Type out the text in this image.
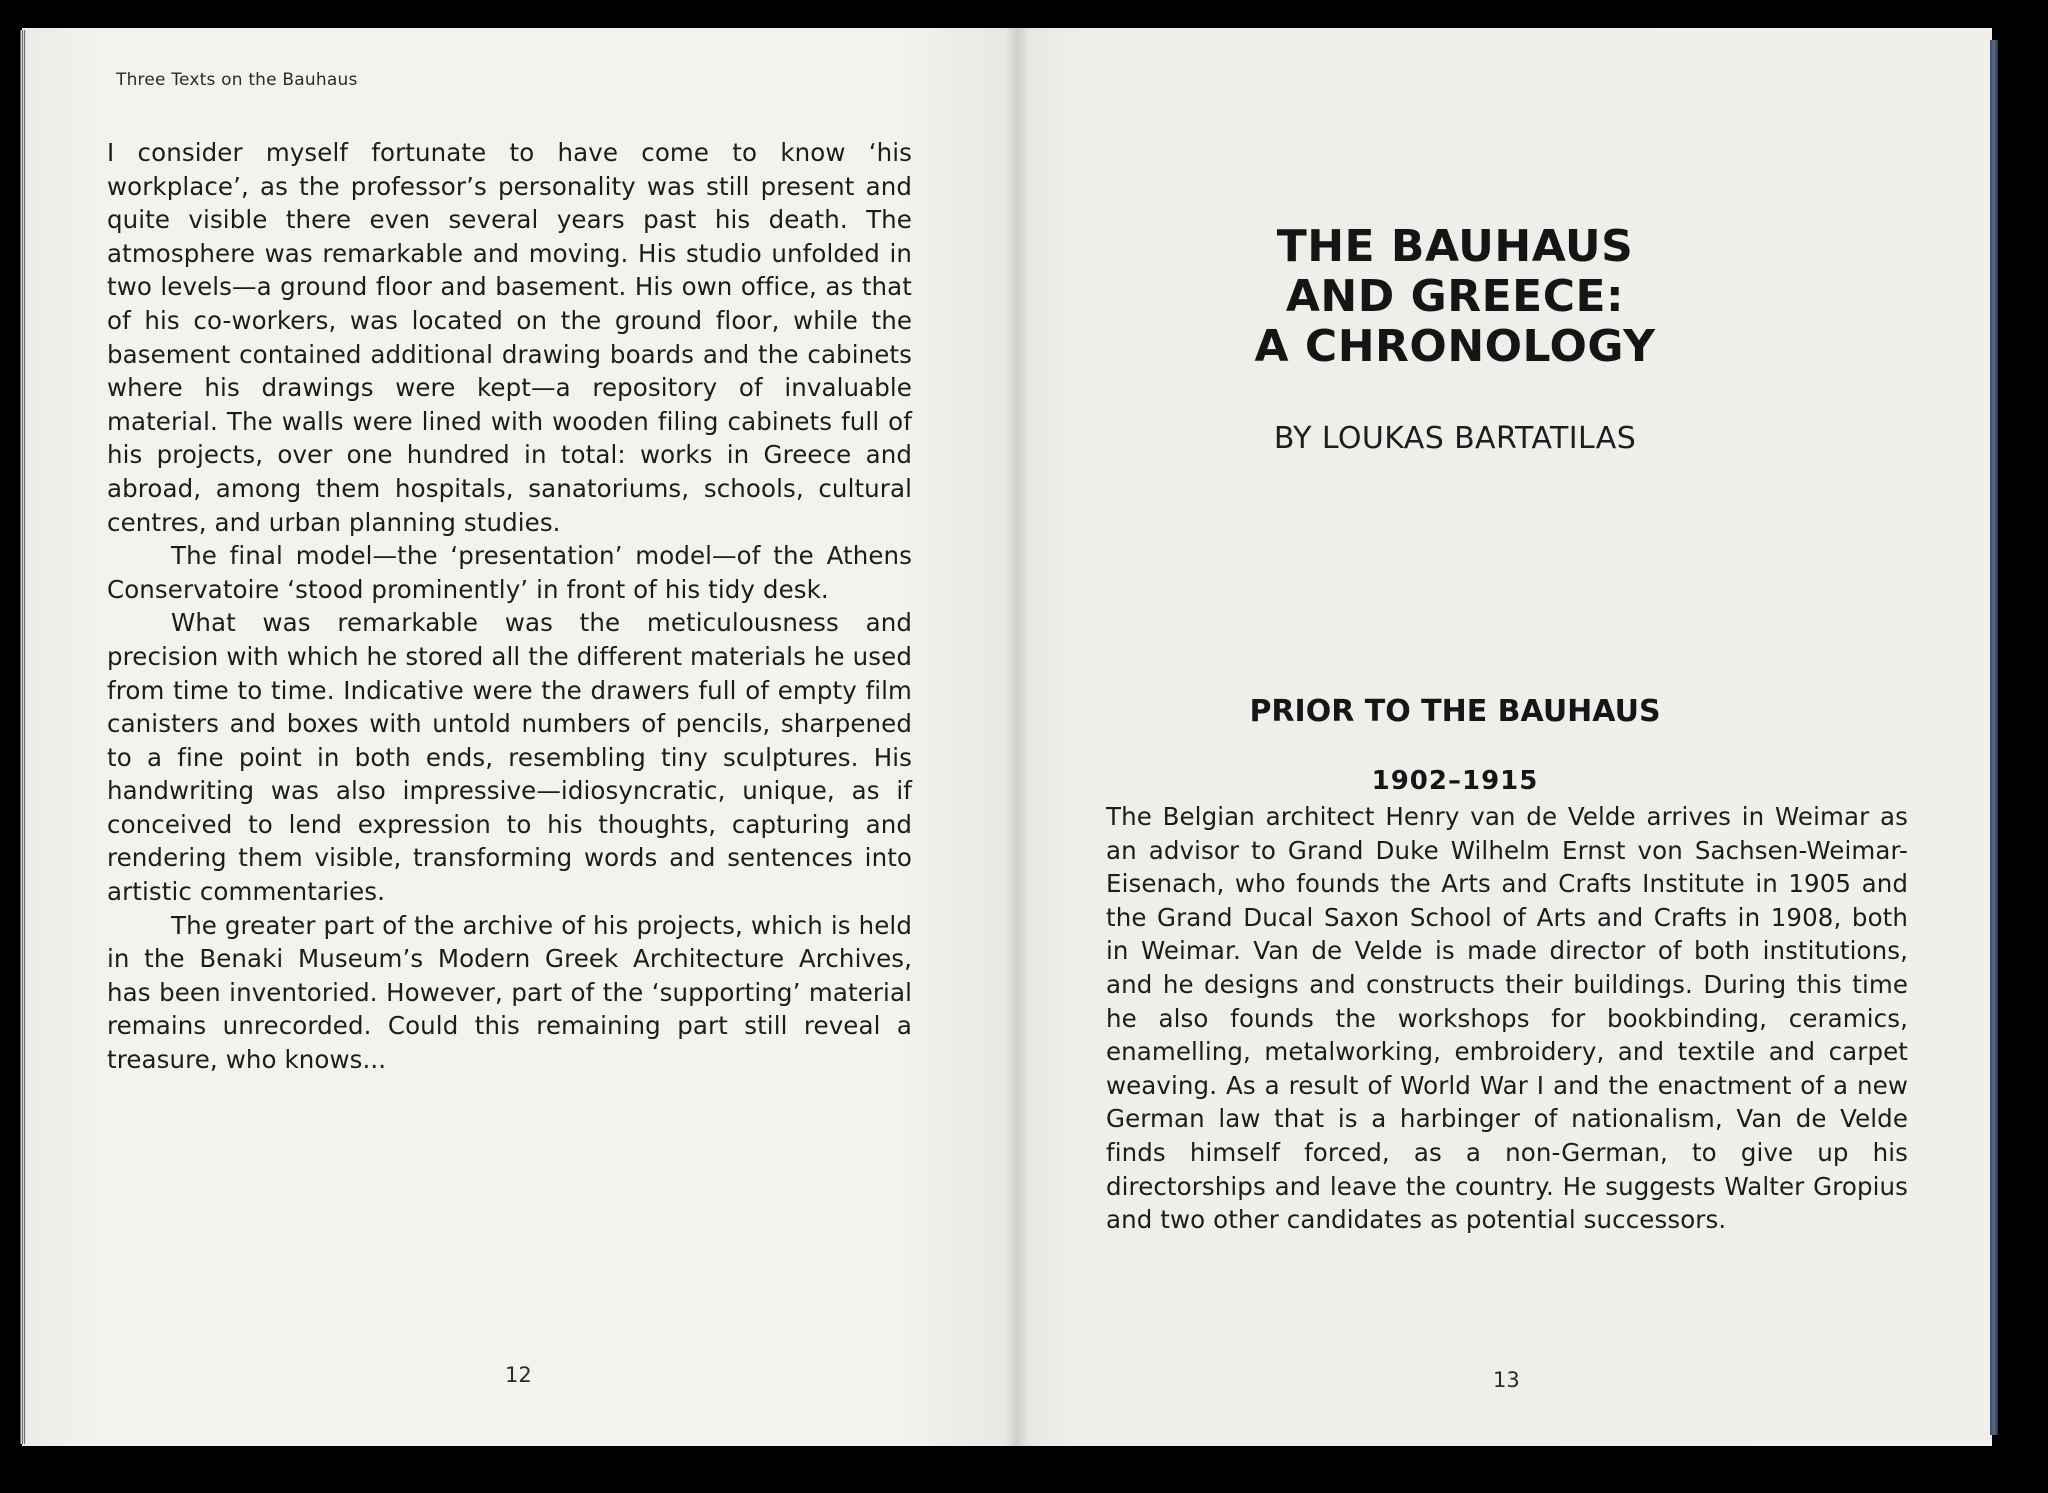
Three Texts on the Bauhaus

I consider myself fortunate to have come to know ‘his workplace’, as the professor’s personality was still present and quite visible there even several years past his death. The atmosphere was remarkable and moving. His studio unfolded in two levels—a ground floor and basement. His own office, as that of his co-workers, was located on the ground floor, while the basement contained additional drawing boards and the cabinets where his drawings were kept—a repository of invaluable material. The walls were lined with wooden filing cabinets full of his projects, over one hundred in total: works in Greece and abroad, among them hospitals, sanatoriums, schools, cultural centres, and urban planning studies.

The final model—the ‘presentation’ model—of the Athens Conservatoire ‘stood prominently’ in front of his tidy desk.

What was remarkable was the meticulousness and precision with which he stored all the different materials he used from time to time. Indicative were the drawers full of empty film canisters and boxes with untold numbers of pencils, sharpened to a fine point in both ends, resembling tiny sculptures. His handwriting was also impressive—idiosyncratic, unique, as if conceived to lend expression to his thoughts, capturing and rendering them visible, transforming words and sentences into artistic commentaries.

The greater part of the archive of his projects, which is held in the Benaki Museum’s Modern Greek Architecture Archives, has been inventoried. However, part of the ‘supporting’ material remains unrecorded. Could this remaining part still reveal a treasure, who knows...

12
THE BAUHAUS
AND GREECE:
A CHRONOLOGY
BY LOUKAS BARTATILAS
PRIOR TO THE BAUHAUS
1902–1915

The Belgian architect Henry van de Velde arrives in Weimar as an advisor to Grand Duke Wilhelm Ernst von Sachsen-Weimar-Eisenach, who founds the Arts and Crafts Institute in 1905 and the Grand Ducal Saxon School of Arts and Crafts in 1908, both in Weimar. Van de Velde is made director of both institutions, and he designs and constructs their buildings. During this time he also founds the workshops for bookbinding, ceramics, enamelling, metalworking, embroidery, and textile and carpet weaving. As a result of World War I and the enactment of a new German law that is a harbinger of nationalism, Van de Velde finds himself forced, as a non-German, to give up his directorships and leave the country. He suggests Walter Gropius and two other candidates as potential successors.

13
